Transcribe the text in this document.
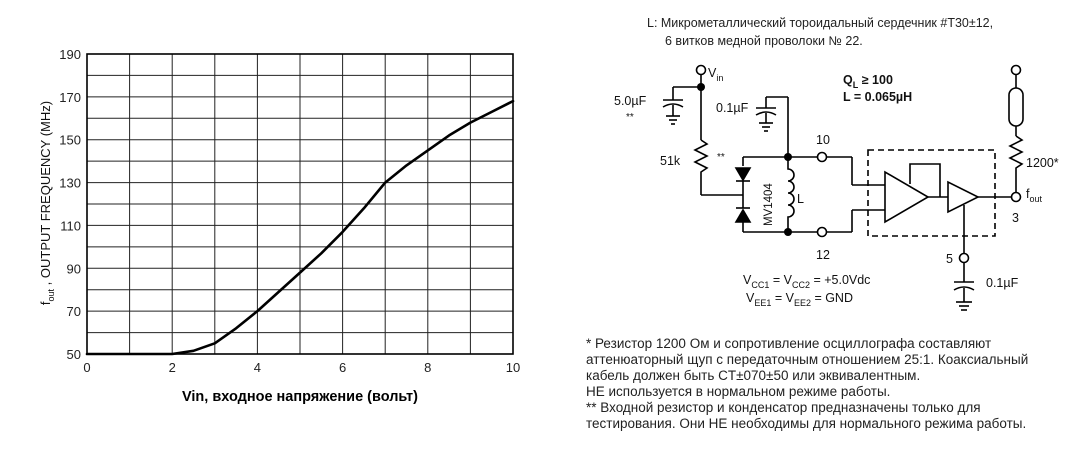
0	2	4	6	8	10
50
70
90
110
130
150
170
190
Vin, входное напряжение (вольт)
$f_{out}$ , OUTPUT FREQUENCY (MHz)
L: Микрометаллический тороидальный сердечник #T30±12,
6 витков медной проволоки № 22.
$V_{in}$
5.0µF
**
0.1µF
51k	**
$Q_L \ge 100$
L = 0.065µH
10
12
3
5
MV1404 L
1200*
$f_{out}$
0.1µF
$V_{CC1} = V_{CC2} = +5.0Vdc$
$V_{EE1} = V_{EE2}$ = GND

* Резистор 1200 Ом и сопротивление осциллографа составляют

аттенюаторный щуп с передаточным отношением 25:1. Коаксиальный

кабель должен быть CT±070±50 или эквивалентным.

НЕ используется в нормальном режиме работы.

** Входной резистор и конденсатор предназначены только для

тестирования. Они НЕ необходимы для нормального режима работы.
